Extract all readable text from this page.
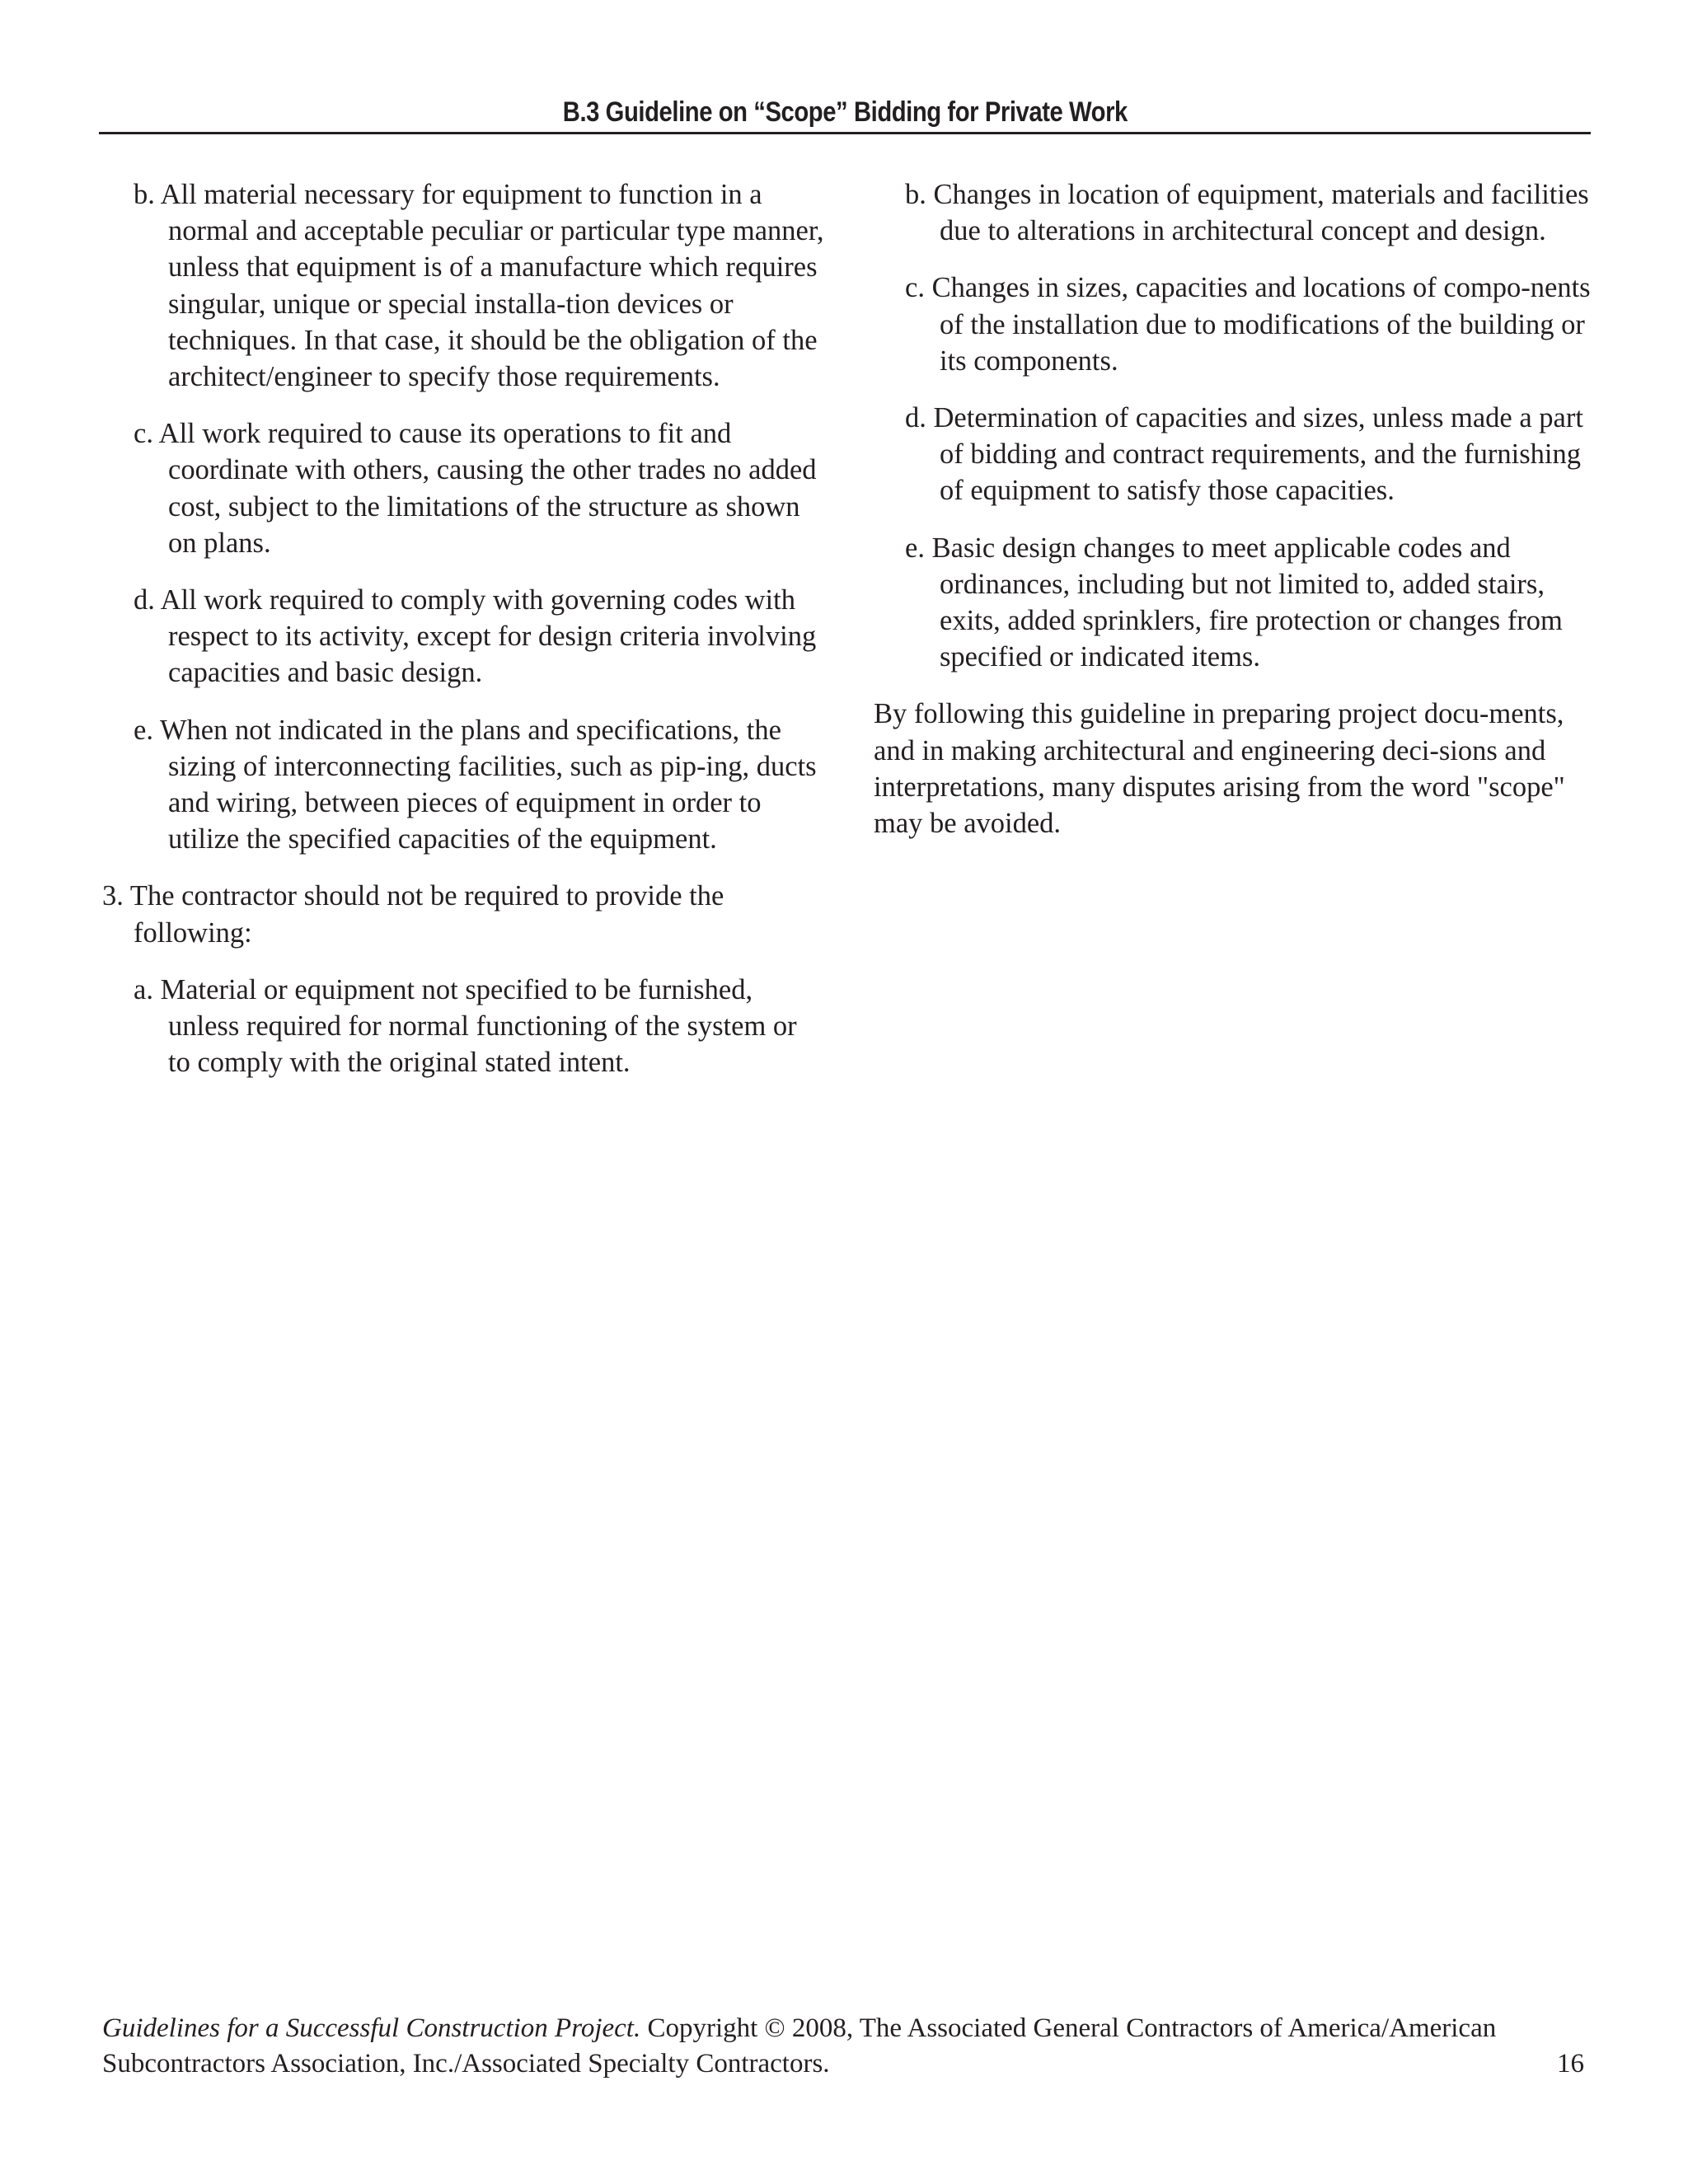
B.3 Guideline on “Scope” Bidding for Private Work
b. All material necessary for equipment to function in a normal and acceptable peculiar or particular type manner, unless that equipment is of a manufacture which requires singular, unique or special installa-tion devices or techniques. In that case, it should be the obligation of the architect/engineer to specify those requirements.
c. All work required to cause its operations to fit and coordinate with others, causing the other trades no added cost, subject to the limitations of the structure as shown on plans.
d. All work required to comply with governing codes with respect to its activity, except for design criteria involving capacities and basic design.
e. When not indicated in the plans and specifications, the sizing of interconnecting facilities, such as pip-ing, ducts and wiring, between pieces of equipment in order to utilize the specified capacities of the equipment.
3. The contractor should not be required to provide the following:
a. Material or equipment not specified to be furnished, unless required for normal functioning of the system or to comply with the original stated intent.
b. Changes in location of equipment, materials and facilities due to alterations in architectural concept and design.
c. Changes in sizes, capacities and locations of compo-nents of the installation due to modifications of the building or its components.
d. Determination of capacities and sizes, unless made a part of bidding and contract requirements, and the furnishing of equipment to satisfy those capacities.
e. Basic design changes to meet applicable codes and ordinances, including but not limited to, added stairs, exits, added sprinklers, fire protection or changes from specified or indicated items.
By following this guideline in preparing project docu-ments, and in making architectural and engineering deci-sions and interpretations, many disputes arising from the word "scope" may be avoided.
Guidelines for a Successful Construction Project. Copyright © 2008, The Associated General Contractors of America/American Subcontractors Association, Inc./Associated Specialty Contractors.	16
